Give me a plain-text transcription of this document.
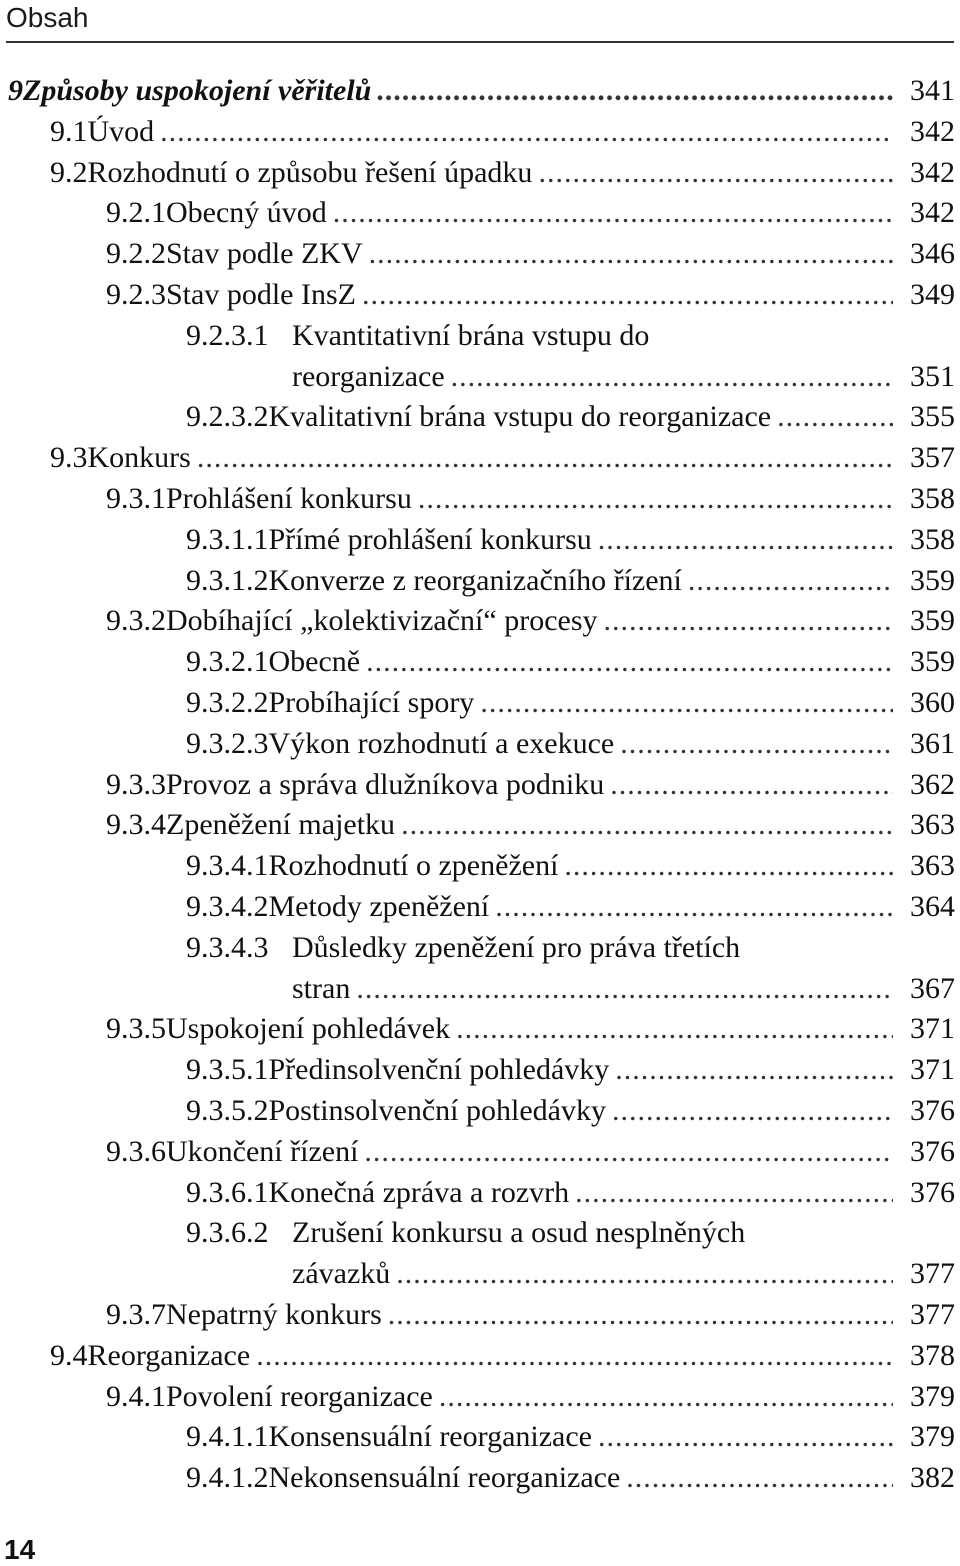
Obsah
9 Způsoby uspokojení věřitelů .....	341
9.1 Úvod .....	342
9.2 Rozhodnutí o způsobu řešení úpadku .....	342
9.2.1 Obecný úvod .....	342
9.2.2 Stav podle ZKV .....	346
9.2.3 Stav podle InsZ .....	349
9.2.3.1 Kvantitativní brána vstupu do
reorganizace .....	351
9.2.3.2 Kvalitativní brána vstupu do reorganizace .....	355
9.3 Konkurs .....	357
9.3.1 Prohlášení konkursu .....	358
9.3.1.1 Přímé prohlášení konkursu .....	358
9.3.1.2 Konverze z reorganizačního řízení .....	359
9.3.2 Dobíhající „kolektivizační“ procesy .....	359
9.3.2.1 Obecně .....	359
9.3.2.2 Probíhající spory .....	360
9.3.2.3 Výkon rozhodnutí a exekuce .....	361
9.3.3 Provoz a správa dlužníkova podniku .....	362
9.3.4 Zpeněžení majetku .....	363
9.3.4.1 Rozhodnutí o zpeněžení .....	363
9.3.4.2 Metody zpeněžení .....	364
9.3.4.3 Důsledky zpeněžení pro práva třetích
stran .....	367
9.3.5 Uspokojení pohledávek .....	371
9.3.5.1 Předinsolvenční pohledávky .....	371
9.3.5.2 Postinsolvenční pohledávky .....	376
9.3.6 Ukončení řízení .....	376
9.3.6.1 Konečná zpráva a rozvrh .....	376
9.3.6.2 Zrušení konkursu a osud nesplněných
závazků .....	377
9.3.7 Nepatrný konkurs .....	377
9.4 Reorganizace .....	378
9.4.1 Povolení reorganizace .....	379
9.4.1.1 Konsensuální reorganizace .....	379
9.4.1.2 Nekonsensuální reorganizace .....	382
14
